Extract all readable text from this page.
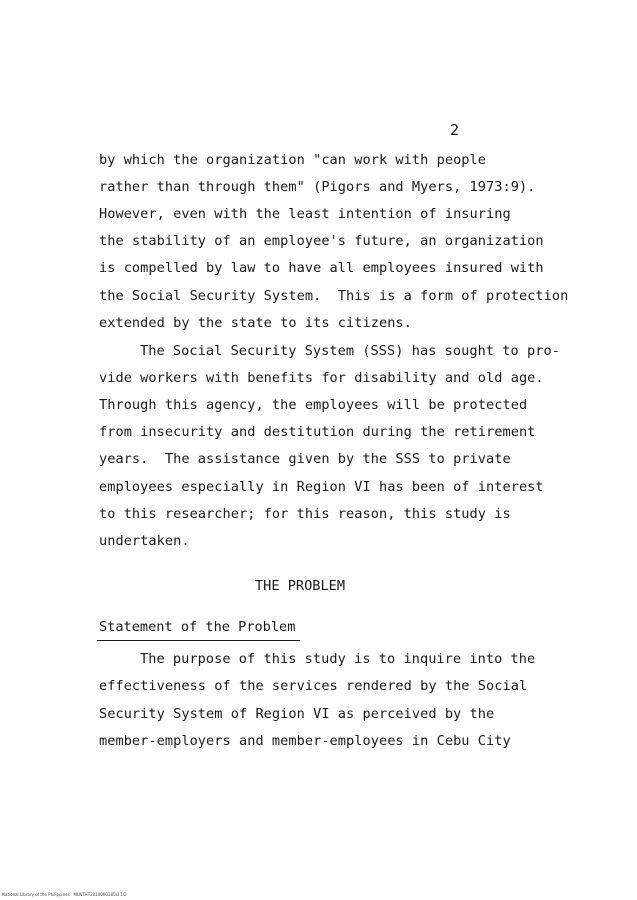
2
by which the organization "can work with people
rather than through them" (Pigors and Myers, 1973:9).
However, even with the least intention of insuring
the stability of an employee's future, an organization
is compelled by law to have all employees insured with
the Social Security System.  This is a form of protection
extended by the state to its citizens.
The Social Security System (SSS) has sought to pro-
vide workers with benefits for disability and old age.
Through this agency, the employees will be protected
from insecurity and destitution during the retirement
years.  The assistance given by the SSS to private
employees especially in Region VI has been of interest
to this researcher; for this reason, this study is
undertaken.
THE PROBLEM
Statement of the Problem
The purpose of this study is to inquire into the
effectiveness of the services rendered by the Social
Security System of Region VI as perceived by the
member-employers and member-employees in Cebu City
National Library of the Philippines   MLNTHT2014000185LI 1/2
